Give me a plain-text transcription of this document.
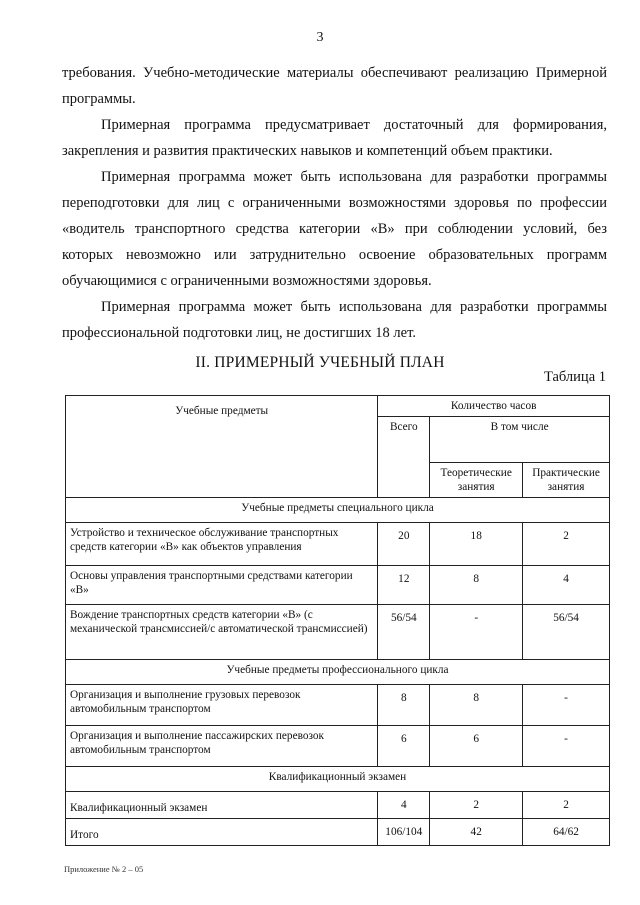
3

требования. Учебно-методические материалы обеспечивают реализацию Примерной программы.

Примерная программа предусматривает достаточный для формирования, закрепления и развития практических навыков и компетенций объем практики.

Примерная программа может быть использована для разработки программы переподготовки для лиц с ограниченными возможностями здоровья по профессии «водитель транспортного средства категории «В» при соблюдении условий, без которых невозможно или затруднительно освоение образовательных программ обучающимися с ограниченными возможностями здоровья.

Примерная программа может быть использована для разработки программы профессиональной подготовки лиц, не достигших 18 лет.

II. ПРИМЕРНЫЙ УЧЕБНЫЙ ПЛАН
Таблица 1
Учебные предметы	Количество часов		
	Всего	В том числе	
		Теоретические занятия	Практические занятия
Учебные предметы специального цикла			
Устройство и техническое обслуживание транспортных средств категории «В» как объектов управления	20	18	2
Основы управления транспортными средствами категории «В»	12	8	4
Вождение транспортных средств категории «В» (с механической трансмиссией/с автоматической трансмиссией)	56/54	-	56/54
Учебные предметы профессионального цикла			
Организация и выполнение грузовых перевозок автомобильным транспортом	8	8	-
Организация и выполнение пассажирских перевозок автомобильным транспортом	6	6	-
Квалификационный экзамен			
Квалификационный экзамен	4	2	2
Итого	106/104	42	64/62
Приложение № 2 – 05
